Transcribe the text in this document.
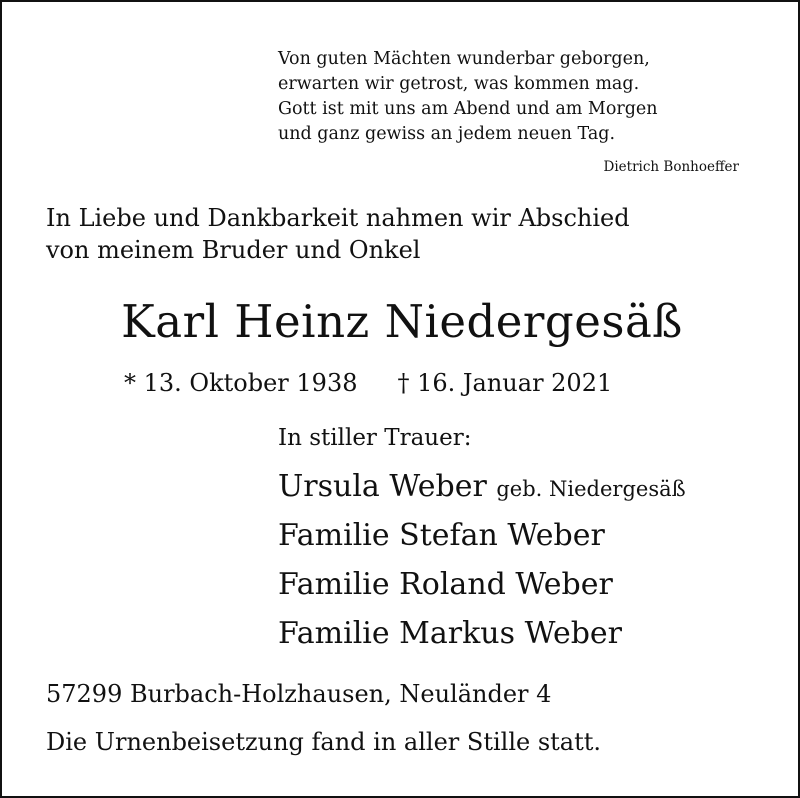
Von guten Mächten wunderbar geborgen,
erwarten wir getrost, was kommen mag.
Gott ist mit uns am Abend und am Morgen
und ganz gewiss an jedem neuen Tag.
Dietrich Bonhoeffer
In Liebe und Dankbarkeit nahmen wir Abschied
von meinem Bruder und Onkel
Karl Heinz Niedergesäß
* 13. Oktober 1938 † 16. Januar 2021
In stiller Trauer:
Ursula Weber geb. Niedergesäß
Familie Stefan Weber
Familie Roland Weber
Familie Markus Weber
57299 Burbach-Holzhausen, Neuländer 4
Die Urnenbeisetzung fand in aller Stille statt.
